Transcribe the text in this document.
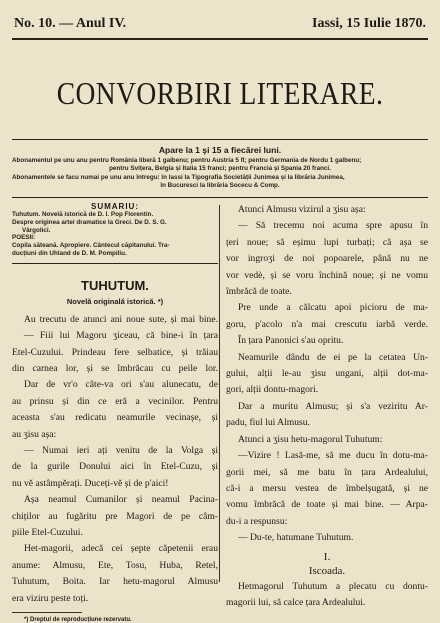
No. 10. — Anul IV.	Iassi, 15 Iulie 1870.
CONVORBIRI LITERARE.
Apare la 1 şi 15 a fiecărei luni.
Abonamentul pe unu anu pentru România liberă 1 galbenu; pentru Austria 5 fl; pentru Germania de Nordu 1 galbenu;
pentru Svițera, Belgia și Italia 15 franci; pentru Francia și Spania 20 franci.
Abonamentele se facu numai pe unu anu întregu: în Iassi la Tipografia Societății Junimea și la librăria Junimea,
în Bucuresci la librăria Socecu & Comp.
SUMARIU:
Tuhutum. Novelă istorică de D. I. Pop Florentin.
Despre originea artei dramatice la Greci. De D. S. G.
Vârgolici.
POESII:
Copila săteană. Apropiere. Cântecul căpitanului. Tra-
ducțiuni din Uhland de D. M. Pompiliu.
TUHUTUM.
Novelă originală istorică. *)
Au trecutu de atunci ani noue sute, și mai bine.
— Fiii lui Magoru ʒiceau, că bine-i în țara
Etel-Cuzului. Prindeau fere selbatice, și trăiau
din carnea lor, și se îmbrăcau cu peile lor.
Dar de vr'o câte-va ori s'au alunecatu, de
au prinsu și din ce eră a vecinilor. Pentru
aceasta s'au redicatu neamurile vecinașe, și
au ʒisu așa:
— Numai ieri ați venitu de la Volga și
de la gurile Donului aici în Etel-Cuzu, și
nu vě astâmpěrați. Duceți-vě și de p'aici!
Așa neamul Cumanilor și neamul Pacina-
chiților au fugăritu pre Magori de pe câm-
piile Etel-Cuzului.
Het-magorii, adecă cei șepte căpetenii erau
anume: Almusu, Ete, Tosu, Huba, Retel,
Tuhutum, Boita. Iar hetu-magorul Almusu
era viziru peste toți.
*) Dreptul de reproducțiune rezervatu.
Atunci Almusu vizirul a ʒisu așa:
— Să trecemu noi acuma spre apusu în
țeri noue; să eșimu lupi turbați; că așa se
vor ingroʒi de noi popoarele, până nu ne
vor vedè, și se voru închină noue; și ne vomu
îmbrăcă de toate.
Pre unde a călcatu apoi picioru de ma-
goru, p'acolo n'a mai crescutu iarbă verde.
În țara Panonici s'au opritu.
Neamurile dându de ei pe la cetatea Un-
gului, alții le-au ʒisu ungani, alții dot-ma-
gori, alții dontu-magori.
Dar a murítu Almusu; și s'a veziritu Ar-
padu, fiul lui Almusu.
Atunci a ʒisu hetu-magorul Tuhutum:
—Vizire ! Lasă-me, să me ducu în dotu-ma-
gorii mei, să me batu în țara Ardealului,
că-i a mersu vestea de îmbelșugată, și ne
vomu îmbrăcă de toate și mai bine. — Arpa-
du-i a respunsu:
— Du-te, hatumane Tuhutum.
I.
Iscoada.
Hetmagorul Tuhutum a plecatu cu dontu-
magorii lui, să calce țara Ardealului.
